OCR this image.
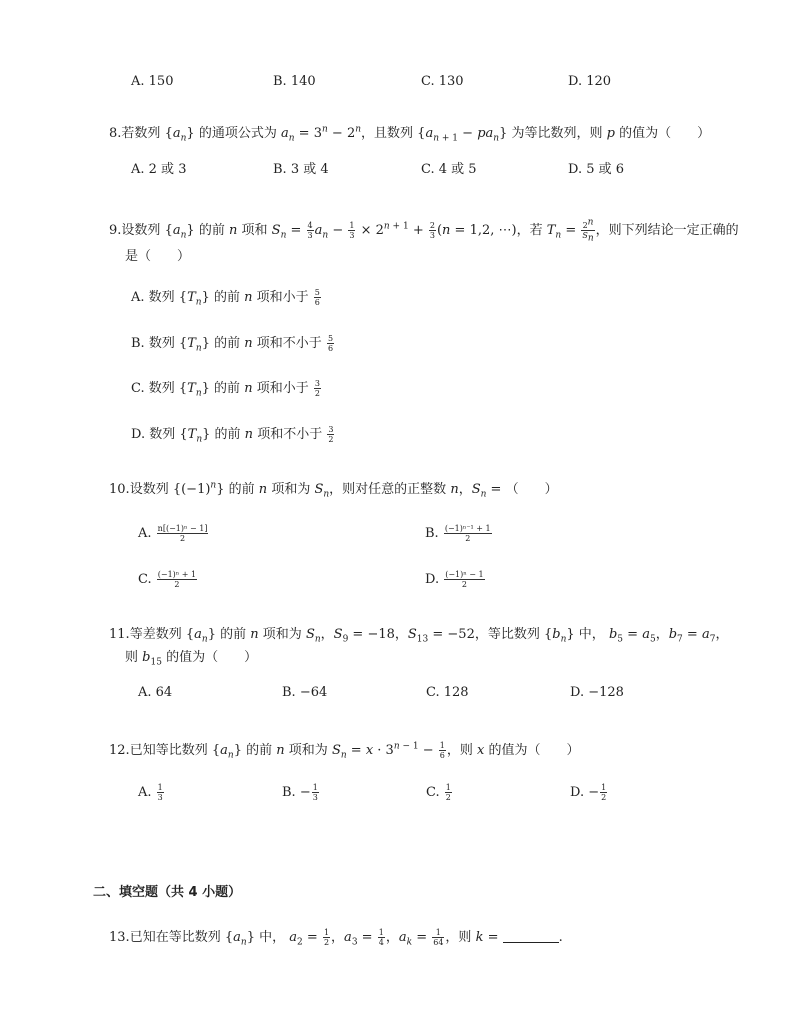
A. 150	B. 140	C. 130	D. 120
8.若数列 $\{a_n\}$ 的通项公式为 $a_n = 3^n - 2^n$，且数列 $\{a_{n + 1} - pa_n\}$ 为等比数列，则 p 的值为（　　）
A. 2 或 3	B. 3 或 4	C. 4 或 5	D. 5 或 6
9.设数列 $\{a_n\}$ 的前 n 项和 $S_n = \frac{4}{3} a_n - \frac{1}{3} \times 2^{n + 1} + \frac{2}{3} (n = 1,2$, ⋯)，若 $T_n = \frac{2^n}{S_n}$ ，则下列结论一定正确的
是（　　）
A. 数列 $\{T_n\}$ 的前 n 项和小于 $\frac{5}{6}$
B. 数列 $\{T_n\}$ 的前 n 项和不小于 $\frac{5}{6}$
C. 数列 $\{T_n\}$ 的前 n 项和小于 $\frac{3}{2}$
D. 数列 $\{T_n\}$ 的前 n 项和不小于 $\frac{3}{2}$
10.设数列 $\{(-1)^n\}$ 的前 n 项和为 $S_n$，则对任意的正整数 n，$S_n$ = （　　）
A. $\frac{\text{n[(−1)ⁿ − 1]}}{2}$	B. $\frac{\text{(−1)ⁿ⁻¹ + 1}}{2}$
C. $\frac{\text{(−1)ⁿ + 1}}{2}$	D. $\frac{\text{(−1)ⁿ − 1}}{2}$
11.等差数列 $\{a_n\}$ 的前 n 项和为 $S_n$，$S_9 = -18$，$S_{13} = -52$，等比数列 $\{b_n\}$ 中， $b_5 = a_5$，$b_7 = a_7$，
则 $b_{15}$ 的值为（　　）
A. 64	B. −64	C. 128	D. −128
12.已知等比数列 $\{a_n\}$ 的前 n 项和为 $S_n = x \cdot 3^{n - 1} - \frac{1}{6}$ ，则 x 的值为（　　）
A. $\frac{1}{3}$	B. − $\frac{1}{3}$	C. $\frac{1}{2}$	D. − $\frac{1}{2}$
二、填空题（共 4 小题）
13.已知在等比数列 $\{a_n\}$ 中， $a_2 = \frac{1}{2}$ ，$a_3 = \frac{1}{4}$ ，$a_k = \frac{1}{64}$ ，则 k =	.
